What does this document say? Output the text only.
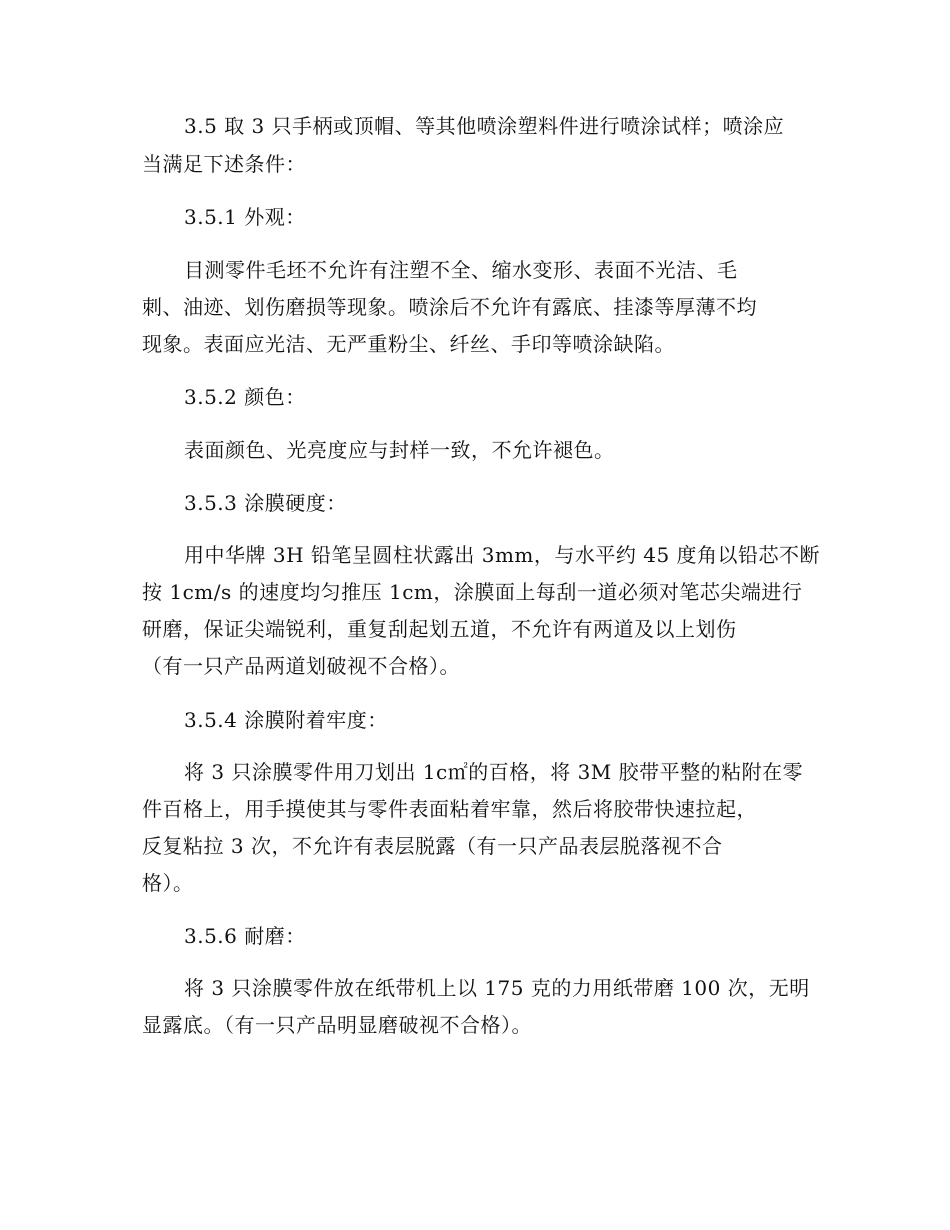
3.5 取 3 只手柄或顶帽、等其他喷涂塑料件进行喷涂试样；喷涂应
当满足下述条件：
3.5.1 外观：
目测零件毛坯不允许有注塑不全、缩水变形、表面不光洁、毛
刺、油迹、划伤磨损等现象。喷涂后不允许有露底、挂漆等厚薄不均
现象。表面应光洁、无严重粉尘、纤丝、手印等喷涂缺陷。
3.5.2 颜色：
表面颜色、光亮度应与封样一致，不允许褪色。
3.5.3 涂膜硬度：
用中华牌 3H 铅笔呈圆柱状露出 3mm，与水平约 45 度角以铅芯不断
按 1cm/s 的速度均匀推压 1cm，涂膜面上每刮一道必须对笔芯尖端进行
研磨，保证尖端锐利，重复刮起划五道，不允许有两道及以上划伤
（有一只产品两道划破视不合格）。
3.5.4 涂膜附着牢度：
将 3 只涂膜零件用刀划出 1c㎡的百格，将 3M 胶带平整的粘附在零
件百格上，用手摸使其与零件表面粘着牢靠，然后将胶带快速拉起，
反复粘拉 3 次，不允许有表层脱露（有一只产品表层脱落视不合
格）。
3.5.6 耐磨：
将 3 只涂膜零件放在纸带机上以 175 克的力用纸带磨 100 次，无明
显露底。（有一只产品明显磨破视不合格）。
